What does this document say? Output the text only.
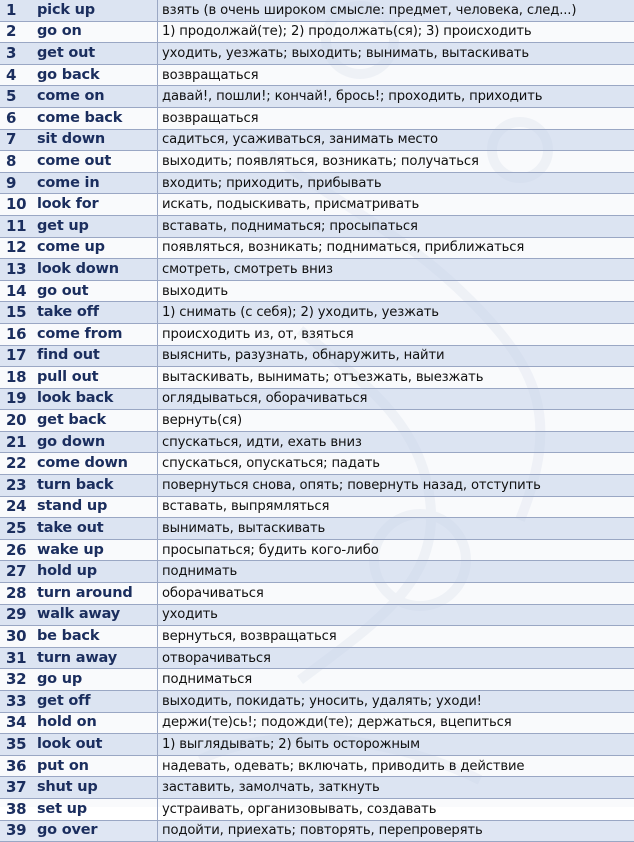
1	pick up	взять (в очень широком смысле: предмет, человека, след...)
2	go on	1) продолжай(те); 2) продолжать(ся); 3) происходить
3	get out	уходить, уезжать; выходить; вынимать, вытаскивать
4	go back	возвращаться
5	come on	давай!, пошли!; кончай!, брось!; проходить, приходить
6	come back	возвращаться
7	sit down	садиться, усаживаться, занимать место
8	come out	выходить; появляться, возникать; получаться
9	come in	входить; приходить, прибывать
10	look for	искать, подыскивать, присматривать
11	get up	вставать, подниматься; просыпаться
12	come up	появляться, возникать; подниматься, приближаться
13	look down	смотреть, смотреть вниз
14	go out	выходить
15	take off	1) снимать (с себя); 2) уходить, уезжать
16	come from	происходить из, от, взяться
17	find out	выяснить, разузнать, обнаружить, найти
18	pull out	вытаскивать, вынимать; отъезжать, выезжать
19	look back	оглядываться, оборачиваться
20	get back	вернуть(ся)
21	go down	спускаться, идти, ехать вниз
22	come down	спускаться, опускаться; падать
23	turn back	повернуться снова, опять; повернуть назад, отступить
24	stand up	вставать, выпрямляться
25	take out	вынимать, вытаскивать
26	wake up	просыпаться; будить кого-либо
27	hold up	поднимать
28	turn around	оборачиваться
29	walk away	уходить
30	be back	вернуться, возвращаться
31	turn away	отворачиваться
32	go up	подниматься
33	get off	выходить, покидать; уносить, удалять; уходи!
34	hold on	держи(те)сь!; подожди(те); держаться, вцепиться
35	look out	1) выглядывать; 2) быть осторожным
36	put on	надевать, одевать; включать, приводить в действие
37	shut up	заставить, замолчать, заткнуть
38	set up	устраивать, организовывать, создавать
39	go over	подойти, приехать; повторять, перепроверять
